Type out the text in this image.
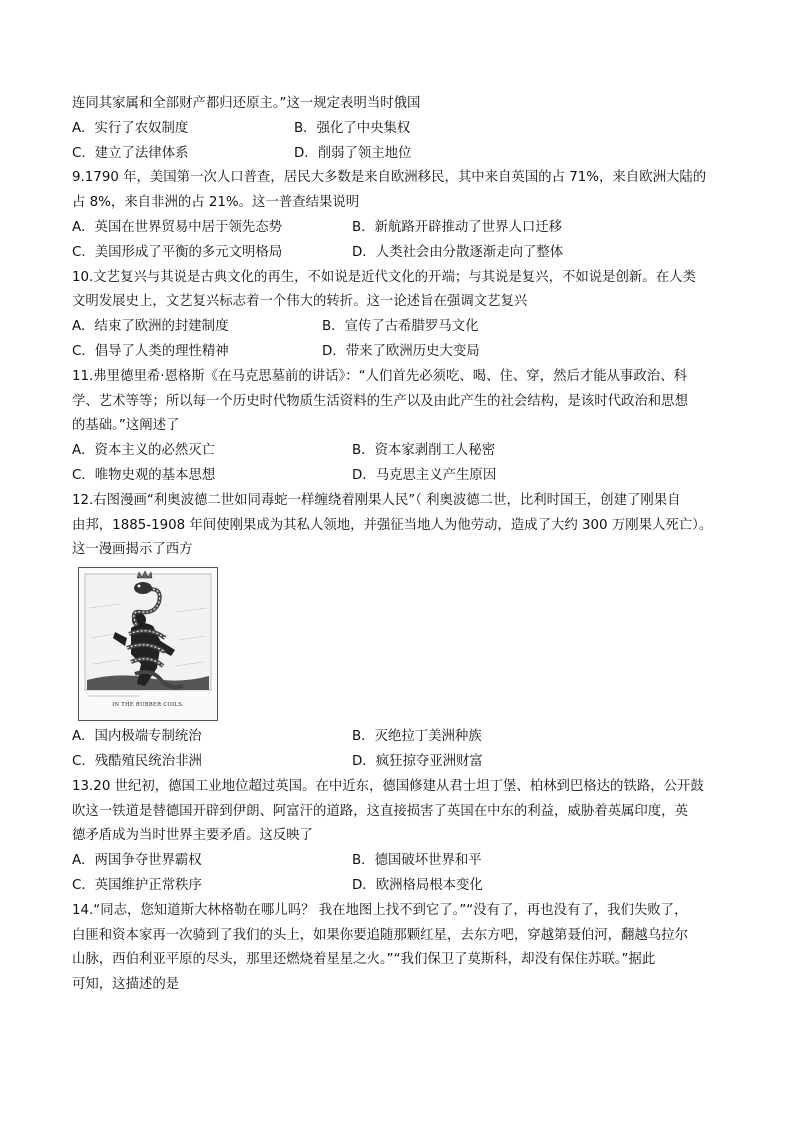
连同其家属和全部财产都归还原主。”这一规定表明当时俄国
A．实行了农奴制度	B．强化了中央集权
C．建立了法律体系	D．削弱了领主地位
9.1790 年，美国第一次人口普查，居民大多数是来自欧洲移民，其中来自英国的占 71%，来自欧洲大陆的
占 8%，来自非洲的占 21%。这一普查结果说明
A．英国在世界贸易中居于领先态势	B．新航路开辟推动了世界人口迁移
C．美国形成了平衡的多元文明格局	D．人类社会由分散逐渐走向了整体
10.文艺复兴与其说是古典文化的再生，不如说是近代文化的开端；与其说是复兴，不如说是创新。在人类
文明发展史上，文艺复兴标志着一个伟大的转折。这一论述旨在强调文艺复兴
A．结束了欧洲的封建制度	B．宣传了古希腊罗马文化
C．倡导了人类的理性精神	D．带来了欧洲历史大变局
11.弗里德里希·恩格斯《在马克思墓前的讲话》：“人们首先必须吃、喝、住、穿，然后才能从事政治、科
学、艺术等等；所以每一个历史时代物质生活资料的生产以及由此产生的社会结构，是该时代政治和思想
的基础。”这阐述了
A．资本主义的必然灭亡	B．资本家剥削工人秘密
C．唯物史观的基本思想	D．马克思主义产生原因
12.右图漫画“利奥波德二世如同毒蛇一样缠绕着刚果人民”（ 利奥波德二世，比利时国王，创建了刚果自
由邦，1885-1908 年间使刚果成为其私人领地，并强征当地人为他劳动，造成了大约 300 万刚果人死亡）。
这一漫画揭示了西方
IN THE RUBBER COILS.
A．国内极端专制统治	B．灭绝拉丁美洲种族
C．残酷殖民统治非洲	D．疯狂掠夺亚洲财富
13.20 世纪初，德国工业地位超过英国。在中近东，德国修建从君士坦丁堡、柏林到巴格达的铁路，公开鼓
吹这一铁道是替德国开辟到伊朗、阿富汗的道路，这直接损害了英国在中东的利益，威胁着英属印度，英
德矛盾成为当时世界主要矛盾。这反映了
A．两国争夺世界霸权	B．德国破坏世界和平
C．英国维护正常秩序	D．欧洲格局根本变化
14.“同志，您知道斯大林格勒在哪儿吗？ 我在地图上找不到它了。”“没有了，再也没有了，我们失败了，
白匪和资本家再一次骑到了我们的头上，如果你要追随那颗红星，去东方吧，穿越第聂伯河，翻越乌拉尔
山脉，西伯利亚平原的尽头，那里还燃烧着星星之火。”“我们保卫了莫斯科，却没有保住苏联。”据此
可知，这描述的是
